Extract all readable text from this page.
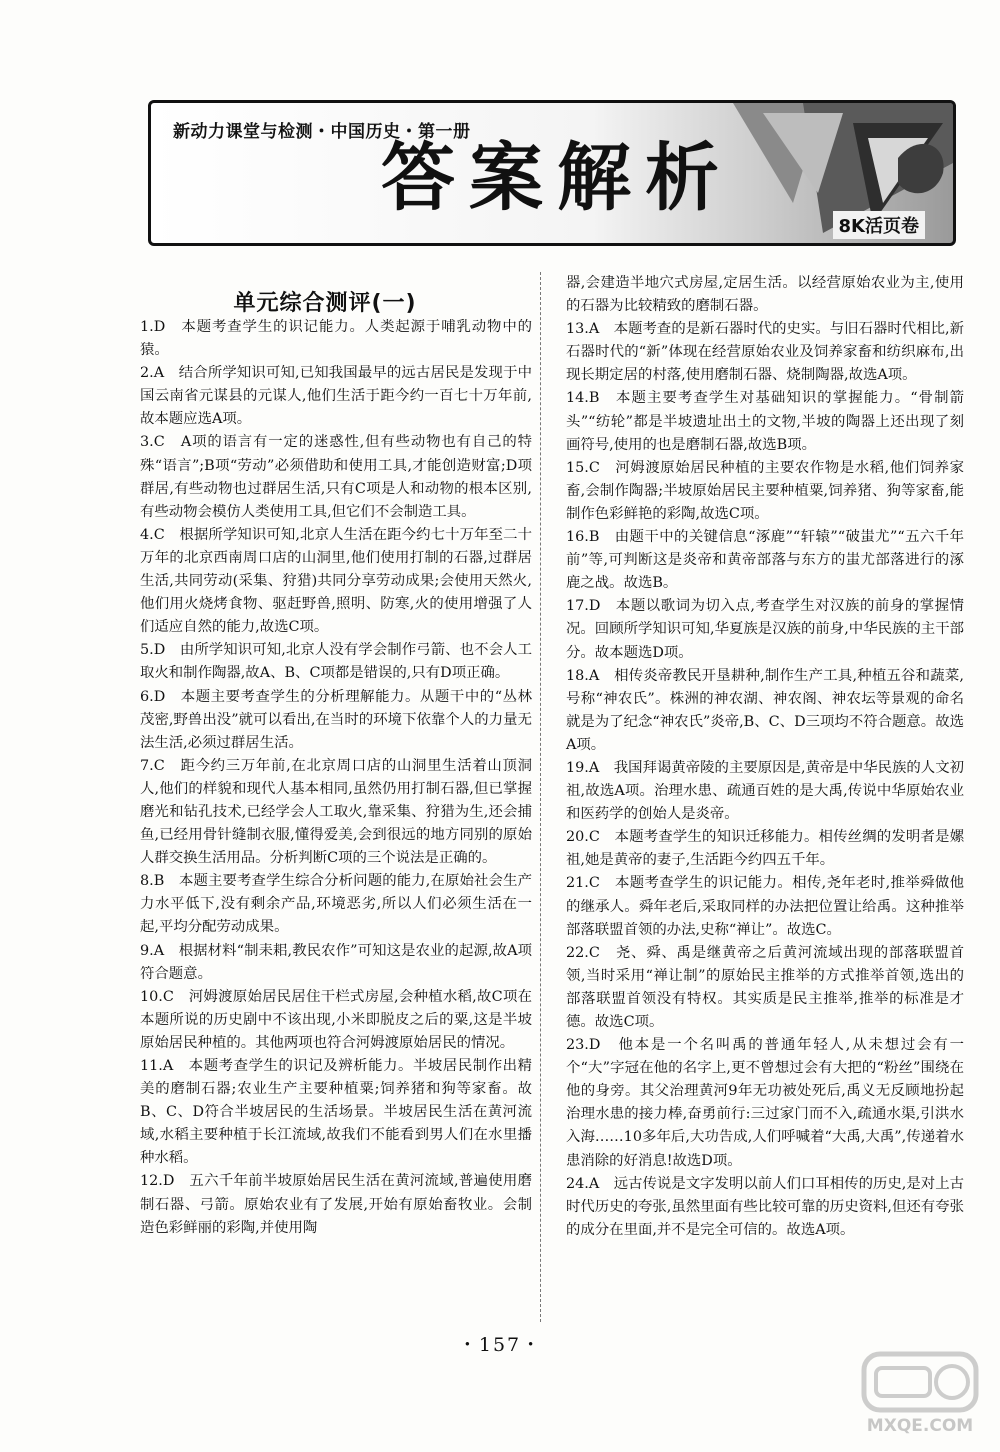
新动力课堂与检测・中国历史・第一册
答案解析
8K活页卷
单元综合测评(一)

1.D　本题考查学生的识记能力。人类起源于哺乳动物中的猿。

2.A　结合所学知识可知,已知我国最早的远古居民是发现于中国云南省元谋县的元谋人,他们生活于距今约一百七十万年前,故本题应选A项。

3.C　A项的语言有一定的迷惑性,但有些动物也有自己的特殊“语言”;B项“劳动”必须借助和使用工具,才能创造财富;D项群居,有些动物也过群居生活,只有C项是人和动物的根本区别,有些动物会模仿人类使用工具,但它们不会制造工具。

4.C　根据所学知识可知,北京人生活在距今约七十万年至二十万年的北京西南周口店的山洞里,他们使用打制的石器,过群居生活,共同劳动(采集、狩猎)共同分享劳动成果;会使用天然火,他们用火烧烤食物、驱赶野兽,照明、防寒,火的使用增强了人们适应自然的能力,故选C项。

5.D　由所学知识可知,北京人没有学会制作弓箭、也不会人工取火和制作陶器,故A、B、C项都是错误的,只有D项正确。

6.D　本题主要考查学生的分析理解能力。从题干中的“丛林茂密,野兽出没”就可以看出,在当时的环境下依靠个人的力量无法生活,必须过群居生活。

7.C　距今约三万年前,在北京周口店的山洞里生活着山顶洞人,他们的样貌和现代人基本相同,虽然仍用打制石器,但已掌握磨光和钻孔技术,已经学会人工取火,靠采集、狩猎为生,还会捕鱼,已经用骨针缝制衣服,懂得爱美,会到很远的地方同别的原始人群交换生活用品。分析判断C项的三个说法是正确的。

8.B　本题主要考查学生综合分析问题的能力,在原始社会生产力水平低下,没有剩余产品,环境恶劣,所以人们必须生活在一起,平均分配劳动成果。

9.A　根据材料“制耒耜,教民农作”可知这是农业的起源,故A项符合题意。

10.C　河姆渡原始居民居住干栏式房屋,会种植水稻,故C项在本题所说的历史剧中不该出现,小米即脱皮之后的粟,这是半坡原始居民种植的。其他两项也符合河姆渡原始居民的情况。

11.A　本题考查学生的识记及辨析能力。半坡居民制作出精美的磨制石器;农业生产主要种植粟;饲养猪和狗等家畜。故B、C、D符合半坡居民的生活场景。半坡居民生活在黄河流域,水稻主要种植于长江流域,故我们不能看到男人们在水里播种水稻。

12.D　五六千年前半坡原始居民生活在黄河流域,普遍使用磨制石器、弓箭。原始农业有了发展,开始有原始畜牧业。会制造色彩鲜丽的彩陶,并使用陶

器,会建造半地穴式房屋,定居生活。以经营原始农业为主,使用的石器为比较精致的磨制石器。

13.A　本题考查的是新石器时代的史实。与旧石器时代相比,新石器时代的“新”体现在经营原始农业及饲养家畜和纺织麻布,出现长期定居的村落,使用磨制石器、烧制陶器,故选A项。

14.B　本题主要考查学生对基础知识的掌握能力。“骨制箭头”“纺轮”都是半坡遗址出土的文物,半坡的陶器上还出现了刻画符号,使用的也是磨制石器,故选B项。

15.C　河姆渡原始居民种植的主要农作物是水稻,他们饲养家畜,会制作陶器;半坡原始居民主要种植粟,饲养猪、狗等家畜,能制作色彩鲜艳的彩陶,故选C项。

16.B　由题干中的关键信息“涿鹿”“轩辕”“破蚩尤”“五六千年前”等,可判断这是炎帝和黄帝部落与东方的蚩尤部落进行的涿鹿之战。故选B。

17.D　本题以歌词为切入点,考查学生对汉族的前身的掌握情况。回顾所学知识可知,华夏族是汉族的前身,中华民族的主干部分。故本题选D项。

18.A　相传炎帝教民开垦耕种,制作生产工具,种植五谷和蔬菜,号称“神农氏”。株洲的神农湖、神农阁、神农坛等景观的命名就是为了纪念“神农氏”炎帝,B、C、D三项均不符合题意。故选A项。

19.A　我国拜谒黄帝陵的主要原因是,黄帝是中华民族的人文初祖,故选A项。治理水患、疏通百姓的是大禹,传说中华原始农业和医药学的创始人是炎帝。

20.C　本题考查学生的知识迁移能力。相传丝绸的发明者是嫘祖,她是黄帝的妻子,生活距今约四五千年。

21.C　本题考查学生的识记能力。相传,尧年老时,推举舜做他的继承人。舜年老后,采取同样的办法把位置让给禹。这种推举部落联盟首领的办法,史称“禅让”。故选C。

22.C　尧、舜、禹是继黄帝之后黄河流域出现的部落联盟首领,当时采用“禅让制”的原始民主推举的方式推举首领,选出的部落联盟首领没有特权。其实质是民主推举,推举的标准是才德。故选C项。

23.D　他本是一个名叫禹的普通年轻人,从未想过会有一个“大”字冠在他的名字上,更不曾想过会有大把的“粉丝”围绕在他的身旁。其父治理黄河9年无功被处死后,禹义无反顾地扮起治理水患的接力棒,奋勇前行:三过家门而不入,疏通水渠,引洪水入海……10多年后,大功告成,人们呼喊着“大禹,大禹”,传递着水患消除的好消息!故选D项。

24.A　远古传说是文字发明以前人们口耳相传的历史,是对上古时代历史的夸张,虽然里面有些比较可靠的历史资料,但还有夸张的成分在里面,并不是完全可信的。故选A项。

・157・
MXQE.COM
